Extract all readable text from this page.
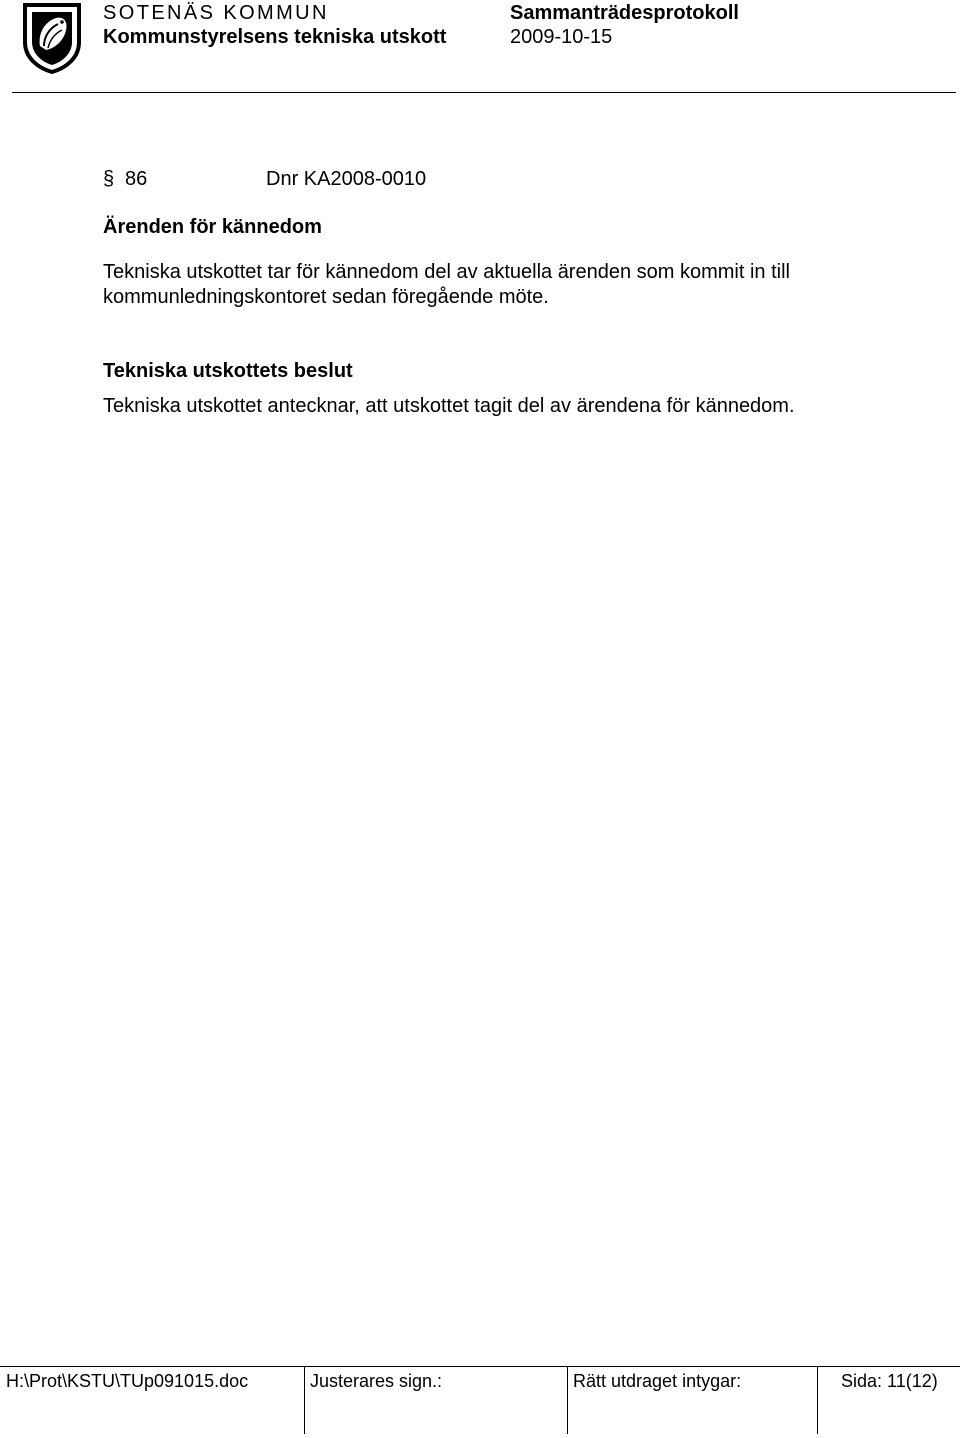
SOTENÄS KOMMUN
Kommunstyrelsens tekniska utskott
Sammanträdesprotokoll
2009-10-15
§ 86	Dnr KA2008-0010
Ärenden för kännedom
Tekniska utskottet tar för kännedom del av aktuella ärenden som kommit in till
kommunledningskontoret sedan föregående möte.
Tekniska utskottets beslut
Tekniska utskottet antecknar, att utskottet tagit del av ärendena för kännedom.
H:\Prot\KSTU\TUp091015.doc	Justerares sign.:	Rätt utdraget intygar:	Sida: 11(12)
